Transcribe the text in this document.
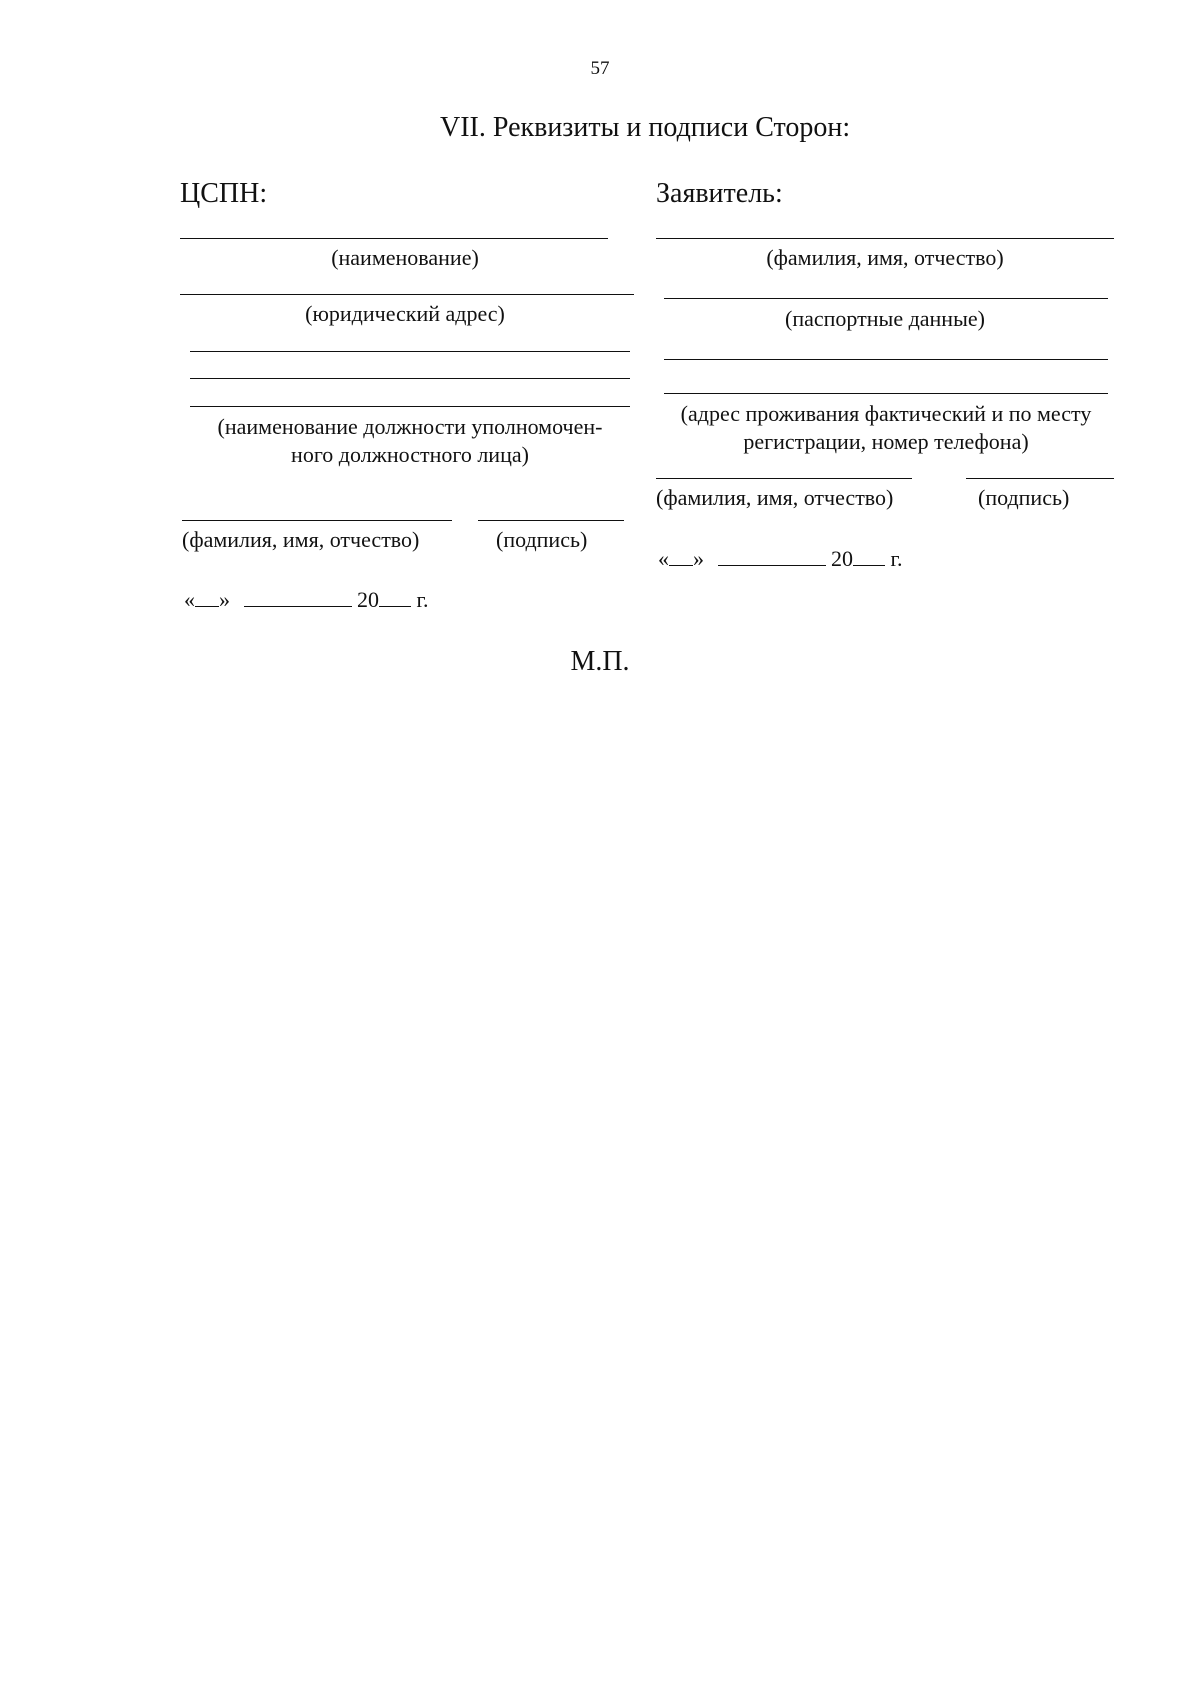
57
VII. Реквизиты и подписи Сторон:
ЦСПН:
(наименование)
(юридический адрес)
(наименование должности уполномочен-
ного должностного лица)
(фамилия, имя, отчество)	(подпись)
« »	20 г.
Заявитель:
(фамилия, имя, отчество)
(паспортные данные)
(адрес проживания фактический и по месту
регистрации, номер телефона)
(фамилия, имя, отчество)	(подпись)
« »	20 г.
М.П.
